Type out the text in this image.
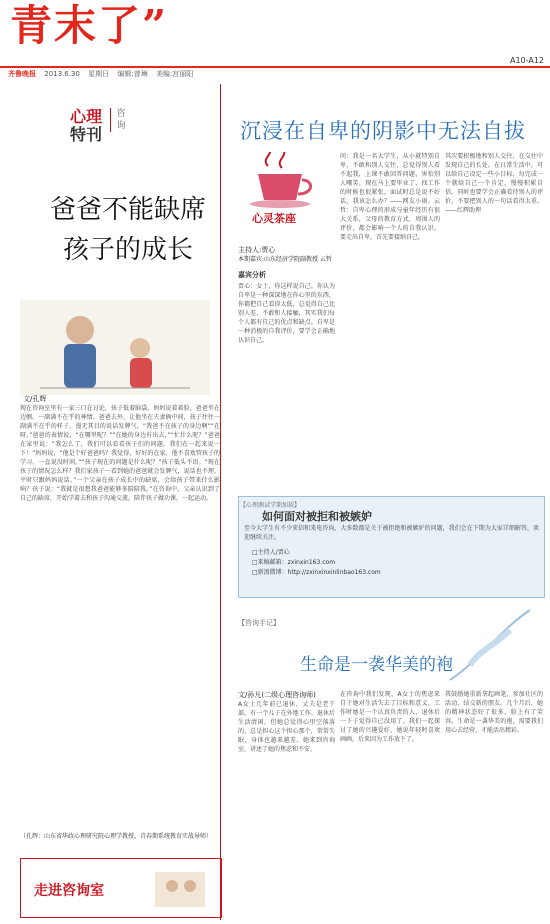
青末了”
A10-A12
齐鲁晚报 2013.6.30 星期日 编辑:曾琳 美编:宫丽阳
心理
特刊
咨询
爸爸不能缺席孩子的成长
文/孔辉
现在咨询室里有一家三口在讨论，孩子低着脑袋，妈妈说着着脸，爸爸坐在边侧。一副满不在乎的神情。爸爸去外，让他坐在夫妻俩中间，孩子往往一副满不在乎的样子，漫无其目的说话发脾气。“我爸不在孩子的身边啊”“在呀。”爸爸的表情说，“在哪里呢？”“在她的身边有出去，”“忙什么呢？”爸爸在家里说：“我怎么了，我们可以看看孩子们的问题，我们在一起来说一下！”妈妈说，“他是个好爸爸吗？我觉得，好好的在家，他不喜欢管孩子的学习，一直说没时间。”“孩子现在的问题是什么呢？”孩子低头不语。“现在孩子的情况怎么样？我们家孩子一看到她的爸爸就会发脾气，说话也不理，平时只跟妈妈说话。”一个父亲在孩子成长中的缺席，会给孩子带来什么影响？孩子说：“我就是很想我爸爸能够多陪陪我。”在咨询中，父亲认识到了自己的缺席，开始学着去和孩子沟通交流，陪伴孩子做功课，一起运动。
（孔辉：山东省华政心理研究院心理学教授，青春期系统教育实战导师）
走进咨询室
沉浸在自卑的阴影中无法自拔
心灵茶座
主持人:贾心
本期嘉宾:山东经济学院副教授 云哲
嘉宾分析
贾心：女士，你这样说自己。你认为自卑是一种深深地在你心里的东西，你都把自己看得太低，总觉得自己比别人差，不敢和人接触，其实我们每个人都有自己的优点和缺点。自卑是一种消极的自我评价，要学会正确地认识自己。
问：我是一名大学生，从小就特别自卑，不敢和别人交往，总觉得别人看不起我，上课不敢回答问题，害怕别人嘲笑。现在马上要毕业了，找工作的时候也很紧张，面试时总是说不好话，我该怎么办？——网友小雨。云哲：自卑心理的形成与童年经历有很大关系，父母的教育方式，周围人的评价，都会影响一个人的自我认识。要走出自卑，首先要接纳自己，
其次要积极地和别人交往，在交往中发现自己的长处。在日常生活中，可以给自己设定一些小目标，每完成一个就给自己一个肯定，慢慢积累自信。同时也要学会正确看待别人的评价，不要把别人的一句话看得太重。——红辉助理
【心理测试学期加载】
如何面对被拒和被嫉妒
至今大学生有不少来信和来电咨询，大多数都是关于被拒绝和被嫉妒的问题，我们会在下期为大家详细解答，欢迎继续关注。
□主持人/贾心
□来稿邮箱：zxinxin163.com
□新浪微博：http://zxinxinxinlinbao163.com
【咨询手记】
生命是一袭华美的袍
文/孙凡(二级心理咨询师)
A女士几年前已退休，丈夫是老干部，有一个儿子在外地工作。退休后生活清闲，但她总觉得心里空落落的，总是担心这个担心那个，常常失眠，身体也越来越差。她来到咨询室，讲述了她的焦虑和不安。
在咨询中我们发现，A女士的焦虑来自于她对生活失去了目标和意义。工作时她是一个认真负责的人，退休后一下子觉得自己没用了。我们一起探讨了她的兴趣爱好，她说年轻时喜欢画画，后来因为工作放下了。
我鼓励她重新拿起画笔，参加社区的活动，结交新的朋友。几个月后，她的精神状态好了很多，脸上有了笑容。生命是一袭华美的袍，需要我们用心去经营，才能活出精彩。
